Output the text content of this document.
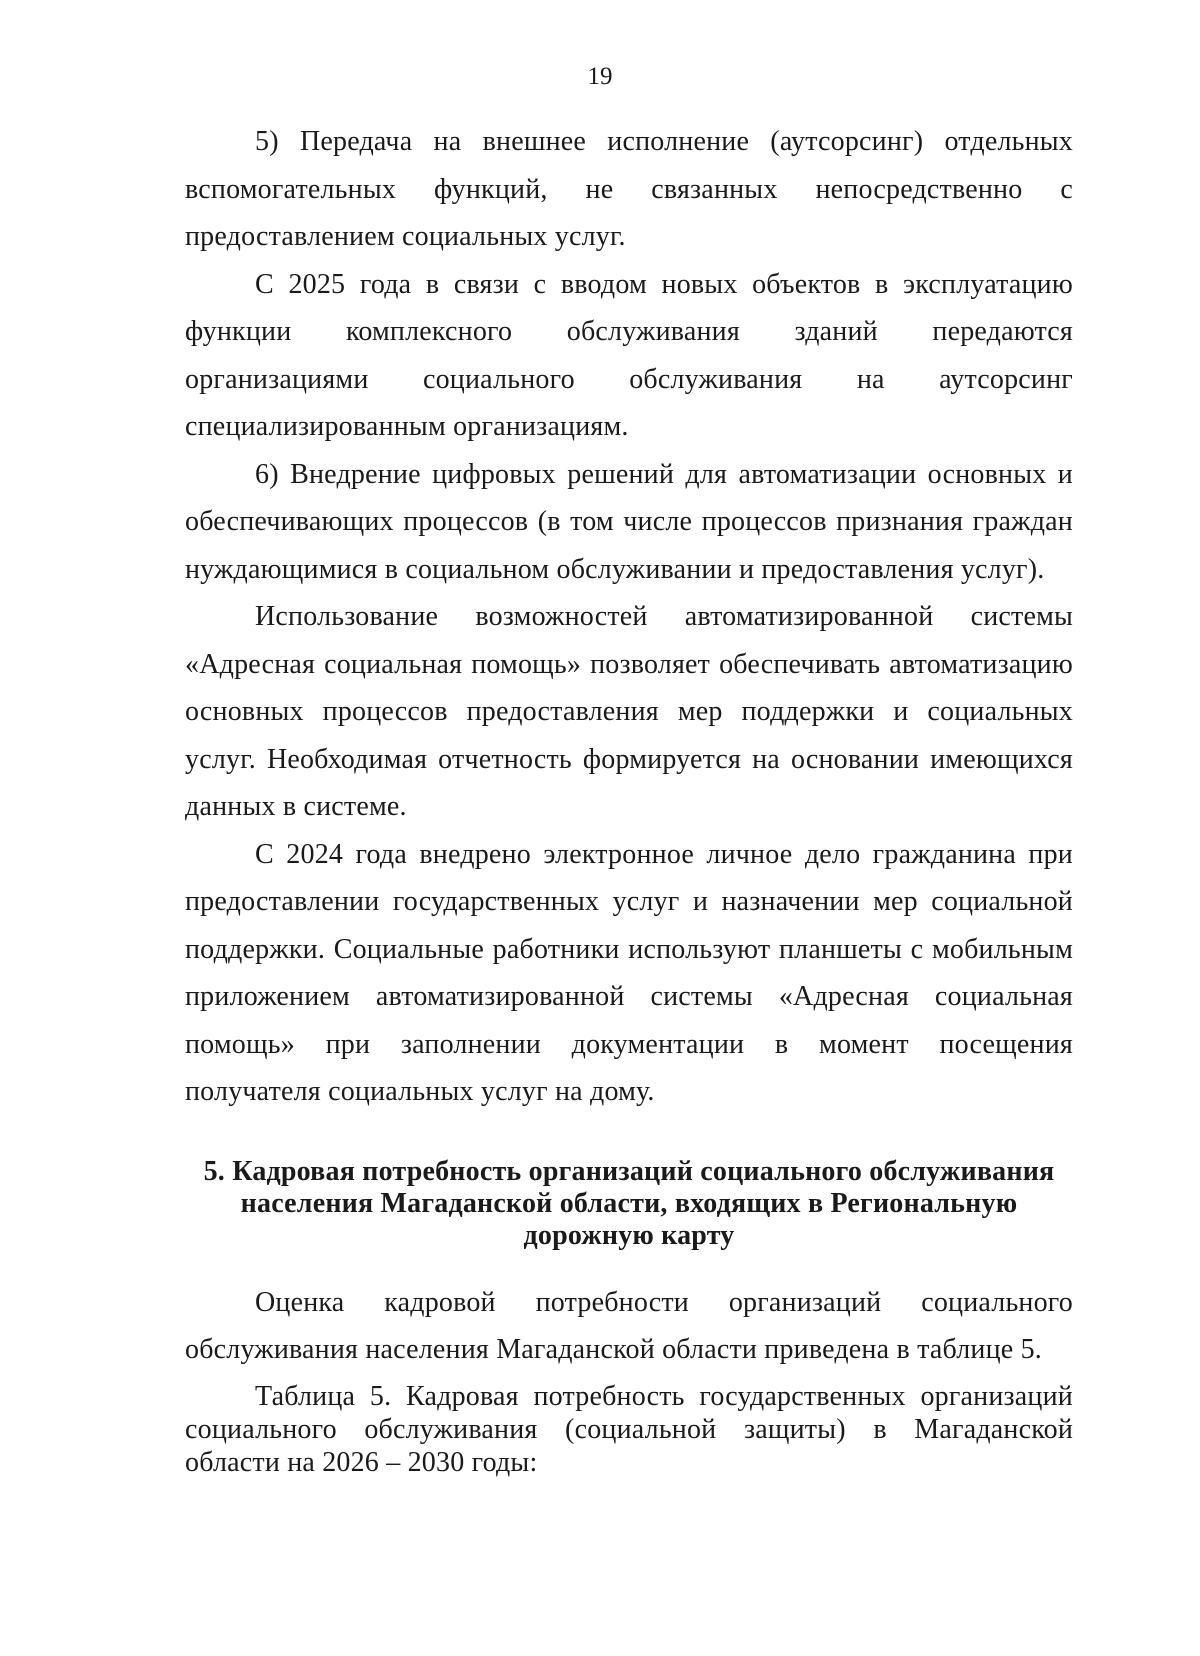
19

5) Передача на внешнее исполнение (аутсорсинг) отдельных вспомогательных функций, не связанных непосредственно с предоставлением социальных услуг.

С 2025 года в связи с вводом новых объектов в эксплуатацию функции комплексного обслуживания зданий передаются организациями социального обслуживания на аутсорсинг специализированным организациям.

6) Внедрение цифровых решений для автоматизации основных и обеспечивающих процессов (в том числе процессов признания граждан нуждающимися в социальном обслуживании и предоставления услуг).

Использование возможностей автоматизированной системы «Адресная социальная помощь» позволяет обеспечивать автоматизацию основных процессов предоставления мер поддержки и социальных услуг. Необходимая отчетность формируется на основании имеющихся данных в системе.

С 2024 года внедрено электронное личное дело гражданина при предоставлении государственных услуг и назначении мер социальной поддержки. Социальные работники используют планшеты с мобильным приложением автоматизированной системы «Адресная социальная помощь» при заполнении документации в момент посещения получателя социальных услуг на дому.

5. Кадровая потребность организаций социального обслуживания населения Магаданской области, входящих в Региональную дорожную карту

Оценка кадровой потребности организаций социального обслуживания населения Магаданской области приведена в таблице 5.

Таблица 5. Кадровая потребность государственных организаций социального обслуживания (социальной защиты) в Магаданской области на 2026 – 2030 годы:
